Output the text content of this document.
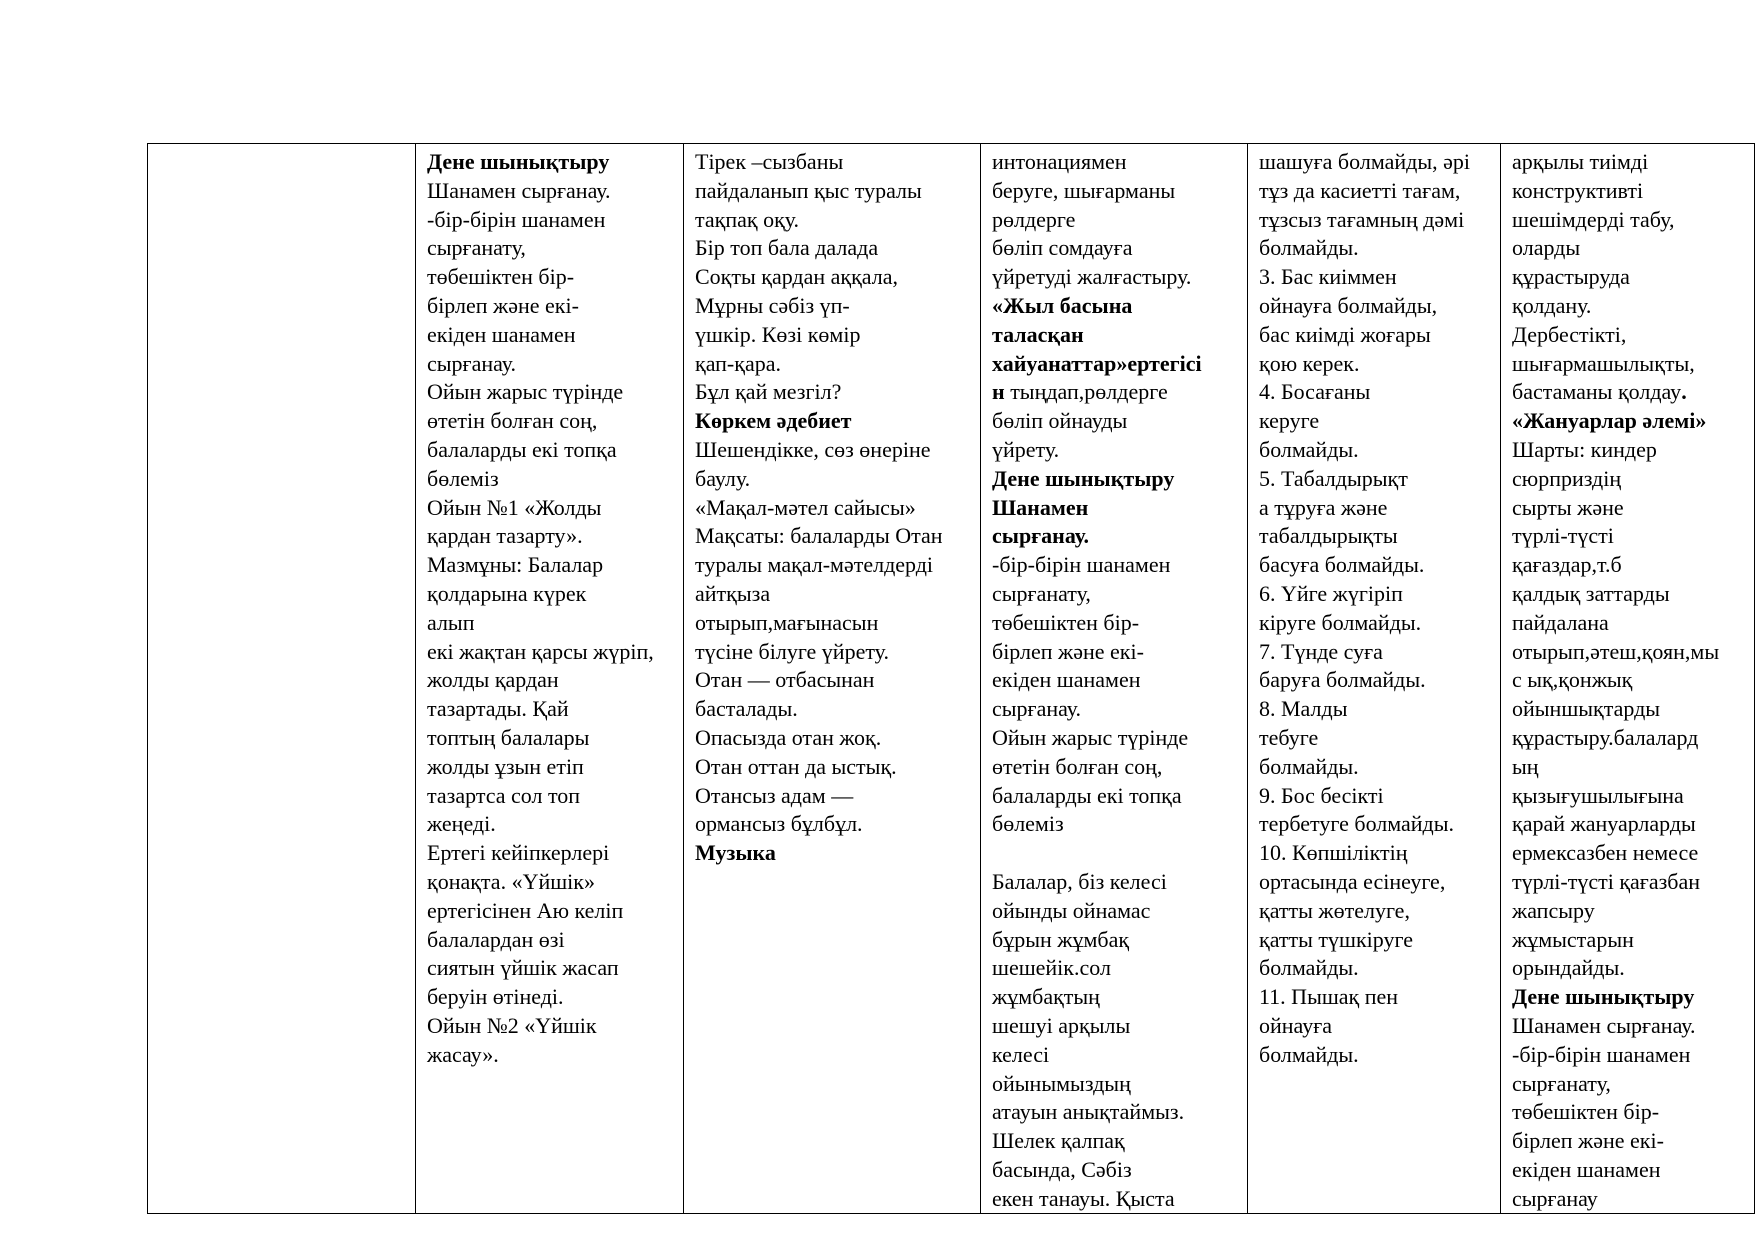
Дене шынықтыру
Шанамен сырғанау.
-бір-бірін шанамен
сырғанату,
төбешіктен бір-
бірлеп және екі-
екіден шанамен
сырғанау.
Ойын жарыс түрінде
өтетін болған соң,
балаларды екі топқа
бөлеміз
Ойын №1 «Жолды
қардан тазарту».
Мазмұны: Балалар
қолдарына күрек
алып
екі жақтан қарсы жүріп,
жолды қардан
тазартады. Қай
топтың балалары
жолды ұзын етіп
тазартса сол топ
жеңеді.
Ертегі кейіпкерлері
қонақта. «Үйшік»
ертегісінен Аю келіп
балалардан өзі
сиятын үйшік жасап
беруін өтінеді.
Ойын №2 «Үйшік
жасау».
Тірек –сызбаны
пайдаланып қыс туралы
тақпақ оқу.
Бір топ бала далада
Соқты қардан аққала,
Мұрны сәбіз үп-
үшкір. Көзі көмір
қап-қара.
Бұл қай мезгіл?
Көркем әдебиет
Шешендікке, сөз өнеріне
баулу.
«Мақал-мәтел сайысы»
Мақсаты: балаларды Отан
туралы мақал-мәтелдерді
айтқыза
отырып,мағынасын
түсіне білуге үйрету.
Отан — отбасынан
басталады.
Опасызда отан жоқ.
Отан оттан да ыстық.
Отансыз адам —
ормансыз бұлбұл.
Музыка
интонациямен
беруге, шығарманы
рөлдерге
бөліп сомдауға
үйретуді жалғастыру.
«Жыл басына
таласқан
хайуанаттар»ертегісі
н тыңдап,рөлдерге
бөліп ойнауды
үйрету.
Дене шынықтыру
Шанамен
сырғанау.
-бір-бірін шанамен
сырғанату,
төбешіктен бір-
бірлеп және екі-
екіден шанамен
сырғанау.
Ойын жарыс түрінде
өтетін болған соң,
балаларды екі топқа
бөлеміз
Балалар, біз келесі
ойынды ойнамас
бұрын жұмбақ
шешейік.сол
жұмбақтың
шешуі арқылы
келесі
ойынымыздың
атауын анықтаймыз.
Шелек қалпақ
басында, Сәбіз
екен танауы. Қыста
шашуға болмайды, әрі
тұз да касиетті тағам,
тұзсыз тағамның дәмі
болмайды.
3. Бас киіммен
ойнауға болмайды,
бас киімді жоғары
қою керек.
4. Босағаны
керуге
болмайды.
5. Табалдырықт
а тұруға және
табалдырықты
басуға болмайды.
6. Үйге жүгіріп
кіруге болмайды.
7. Түнде суға
баруға болмайды.
8. Малды
тебуге
болмайды.
9. Бос бесікті
тербетуге болмайды.
10. Көпшіліктің
ортасында есінеуге,
қатты жөтелуге,
қатты түшкіруге
болмайды.
11. Пышақ пен
ойнауға
болмайды.
арқылы тиімді
конструктивті
шешімдерді табу,
оларды
құрастыруда
қолдану.
Дербестікті,
шығармашылықты,
бастаманы қолдау.
«Жануарлар әлемі»
Шарты: киндер
сюрприздің
сырты және
түрлі-түсті
қағаздар,т.б
қалдық заттарды
пайдалана
отырып,әтеш,қоян,мы
с ық,қонжық
ойыншықтарды
құрастыру.балалард
ың
қызығушылығына
қарай жануарларды
ермексазбен немесе
түрлі-түсті қағазбан
жапсыру
жұмыстарын
орындайды.
Дене шынықтыру
Шанамен сырғанау.
-бір-бірін шанамен
сырғанату,
төбешіктен бір-
бірлеп және екі-
екіден шанамен
сырғанау
